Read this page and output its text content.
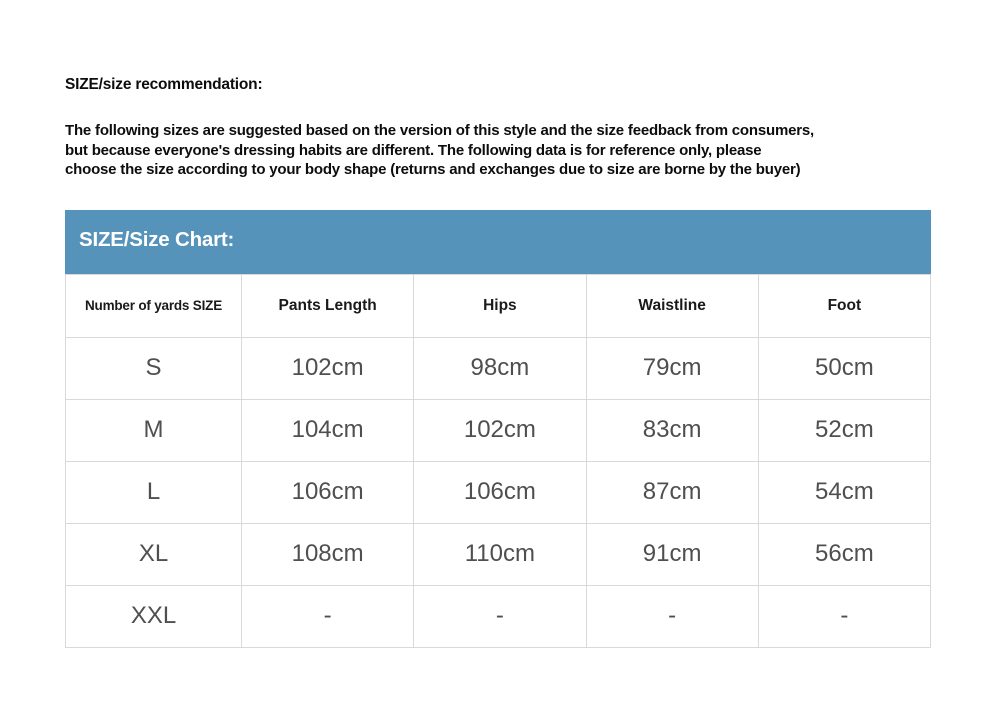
SIZE/size recommendation:
The following sizes are suggested based on the version of this style and the size feedback from consumers,
but because everyone's dressing habits are different. The following data is for reference only, please
choose the size according to your body shape (returns and exchanges due to size are borne by the buyer)
SIZE/Size Chart:
Number of yards SIZE	Pants Length	Hips	Waistline	Foot
S	102cm	98cm	79cm	50cm
M	104cm	102cm	83cm	52cm
L	106cm	106cm	87cm	54cm
XL	108cm	110cm	91cm	56cm
XXL	-	-	-	-
